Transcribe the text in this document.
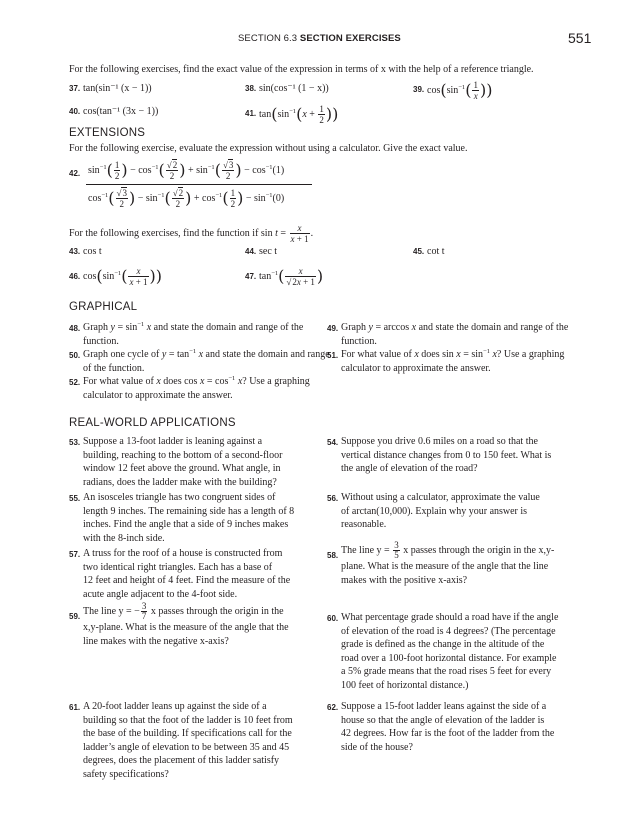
SECTION 6.3 SECTION EXERCISES	551
For the following exercises, find the exact value of the expression in terms of x with the help of a reference triangle.
37. tan(sin⁻¹ (x − 1))	38. sin(cos⁻¹ (1 − x))	39. $\cos(\sin^{-1}( \frac{1}{x}$ ))
40. cos(tan⁻¹ (3x − 1))	41. $\tan(\sin^{-1}(x + \frac{1}{2}$ ))
EXTENSIONS
For the following exercise, evaluate the expression without using a calculator. Give the exact value.
42. $\sin^{-1}( \frac{1}{2}$ ) − $\cos^{-1}( \frac{√2}{2}$ ) + $\sin^{-1}( \frac{√3}{2}$ ) − $\cos^{-1}(1)$
$\cos^{-1}( \frac{√3}{2}$ ) − $\sin^{-1}( \frac{√2}{2}$ ) + $\cos^{-1}( \frac{1}{2}$ ) − $\sin^{-1}(0)$
For the following exercises, find the function if $\sin t = \frac{x}{x + 1}$ .
43. cos t	44. sec t	45. cot t
46. $\cos(\sin^{-1}( \frac{x}{x + 1}$ ))	47. $\tan^{-1}( \frac{x}{√2x + 1}$ )
GRAPHICAL
48. Graph $y = \sin^{-1} x$ and state the domain and range of the function.
49. Graph y = arccos x and state the domain and range of the function.
50. Graph one cycle of $y = \tan^{-1} x$ and state the domain and range of the function.
51. For what value of x does $\sin x = \sin^{-1} x$? Use a graphing calculator to approximate the answer.
52. For what value of x does $\cos x = \cos^{-1} x$? Use a graphing calculator to approximate the answer.
REAL-WORLD APPLICATIONS
53. Suppose a 13-foot ladder is leaning against a
building, reaching to the bottom of a second-floor
window 12 feet above the ground. What angle, in
radians, does the ladder make with the building?
54. Suppose you drive 0.6 miles on a road so that the
vertical distance changes from 0 to 150 feet. What is
the angle of elevation of the road?
55. An isosceles triangle has two congruent sides of
length 9 inches. The remaining side has a length of 8
inches. Find the angle that a side of 9 inches makes
with the 8-inch side.
56. Without using a calculator, approximate the value
of arctan(10,000). Explain why your answer is
reasonable.
57. A truss for the roof of a house is constructed from
two identical right triangles. Each has a base of
12 feet and height of 4 feet. Find the measure of the
acute angle adjacent to the 4-foot side.
58. The line $y = \frac{3}{5}$ x passes through the origin in the x,y-
plane. What is the measure of the angle that the line
makes with the positive x-axis?
59. The line y = − $\frac{3}{7}$ x passes through the origin in the
x,y-plane. What is the measure of the angle that the
line makes with the negative x-axis?
60. What percentage grade should a road have if the angle
of elevation of the road is 4 degrees? (The percentage
grade is defined as the change in the altitude of the
road over a 100-foot horizontal distance. For example
a 5% grade means that the road rises 5 feet for every
100 feet of horizontal distance.)
61. A 20-foot ladder leans up against the side of a
building so that the foot of the ladder is 10 feet from
the base of the building. If specifications call for the
ladder’s angle of elevation to be between 35 and 45
degrees, does the placement of this ladder satisfy
safety specifications?
62. Suppose a 15-foot ladder leans against the side of a
house so that the angle of elevation of the ladder is
42 degrees. How far is the foot of the ladder from the
side of the house?
